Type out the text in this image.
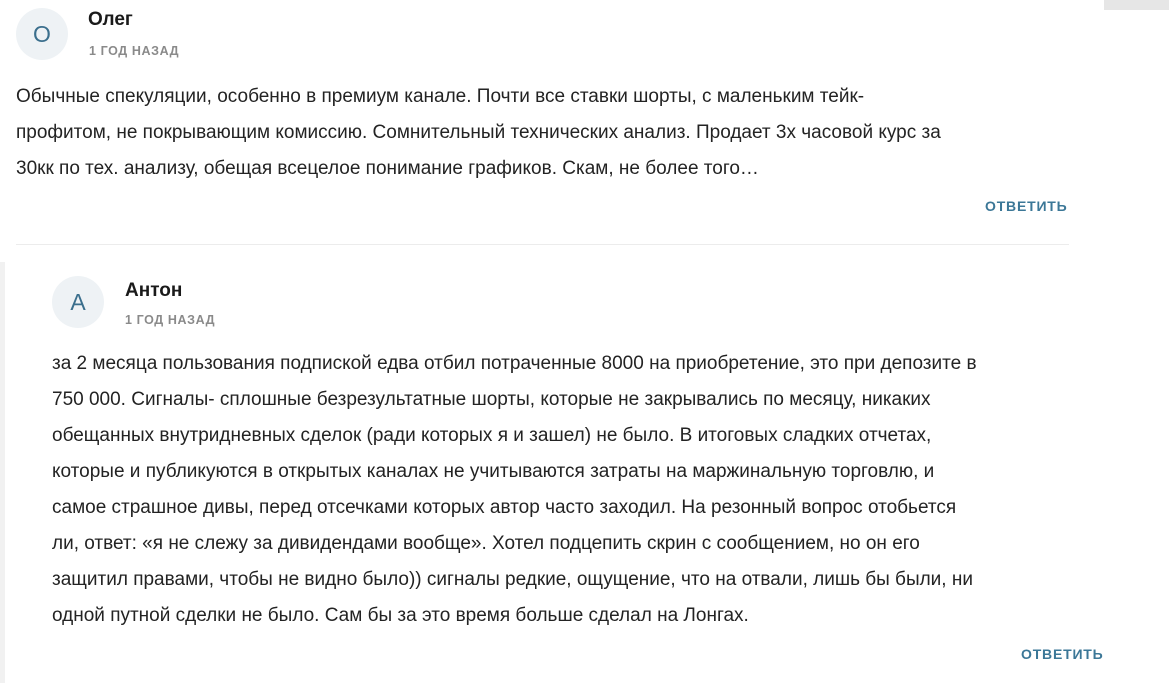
О
Олег
1 ГОД НАЗАД

Обычные спекуляции, особенно в премиум канале. Почти все ставки шорты, с маленьким тейк-профитом, не покрывающим комиссию. Сомнительный технических анализ. Продает 3х часовой курс за 30кк по тех. анализу, обещая всецелое понимание графиков. Скам, не более того…

ОТВЕТИТЬ
А	Антон
1 ГОД НАЗАД

за 2 месяца пользования подпиской едва отбил потраченные 8000 на приобретение, это при депозите в 750 000. Сигналы- сплошные безрезультатные шорты, которые не закрывались по месяцу, никаких обещанных внутридневных сделок (ради которых я и зашел) не было. В итоговых сладких отчетах, которые и публикуются в открытых каналах не учитываются затраты на маржинальную торговлю, и самое страшное дивы, перед отсечками которых автор часто заходил. На резонный вопрос отобьется ли, ответ: «я не слежу за дивидендами вообще». Хотел подцепить скрин с сообщением, но он его защитил правами, чтобы не видно было)) сигналы редкие, ощущение, что на отвали, лишь бы были, ни одной путной сделки не было. Сам бы за это время больше сделал на Лонгах.

ОТВЕТИТЬ
